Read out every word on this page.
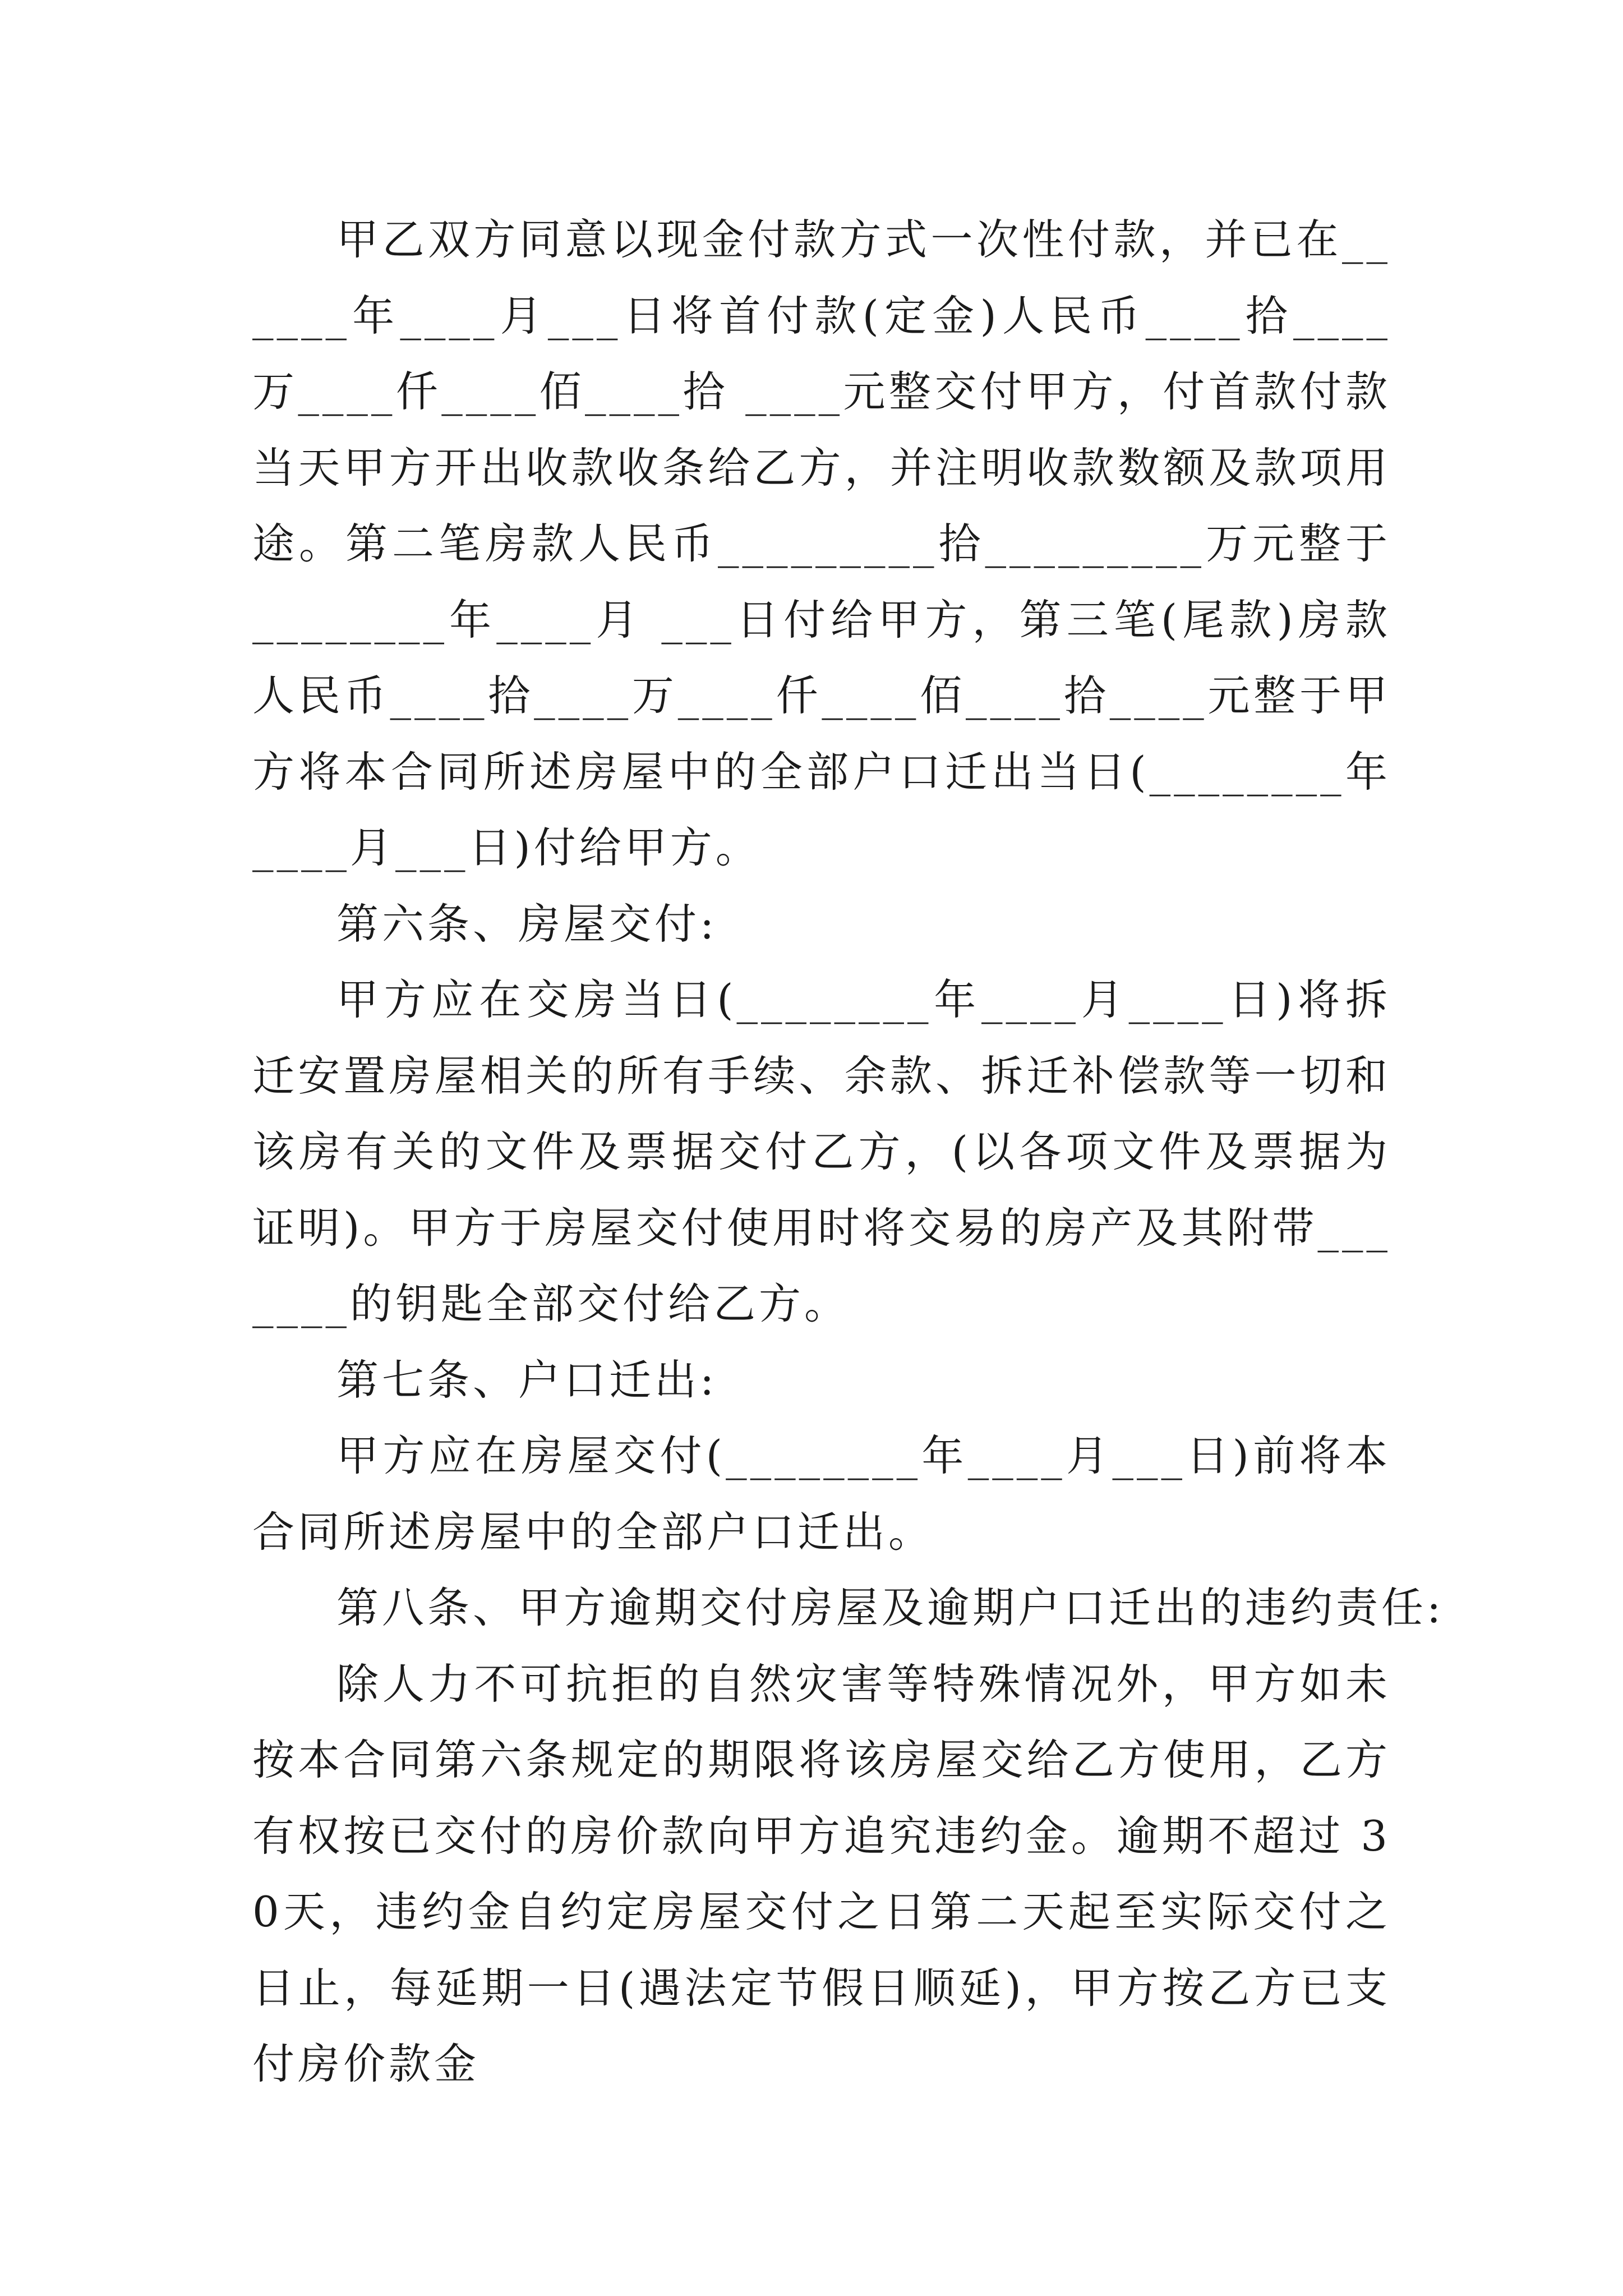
甲乙双方同意以现金付款方式一次性付款，并已在______年____月___日将首付款(定金)人民币____拾____万____仟____佰____拾 ____元整交付甲方，付首款付款当天甲方开出收款收条给乙方，并注明收款数额及款项用途。第二笔房款人民币_________拾_________万元整于________年____月 ___日付给甲方，第三笔(尾款)房款人民币____拾____万____仟____佰____拾____元整于甲方将本合同所述房屋中的全部户口迁出当日(________年____月___日)付给甲方。

第六条、房屋交付:

甲方应在交房当日(________年____月____日)将拆迁安置房屋相关的所有手续、余款、拆迁补偿款等一切和该房有关的文件及票据交付乙方，(以各项文件及票据为证明)。甲方于房屋交付使用时将交易的房产及其附带_______的钥匙全部交付给乙方。

第七条、户口迁出:

甲方应在房屋交付(________年____月___日)前将本合同所述房屋中的全部户口迁出。

第八条、甲方逾期交付房屋及逾期户口迁出的违约责任:

除人力不可抗拒的自然灾害等特殊情况外，甲方如未按本合同第六条规定的期限将该房屋交给乙方使用，乙方有权按已交付的房价款向甲方追究违约金。逾期不超过 30天，违约金自约定房屋交付之日第二天起至实际交付之日止，每延期一日(遇法定节假日顺延)，甲方按乙方已支付房价款金
